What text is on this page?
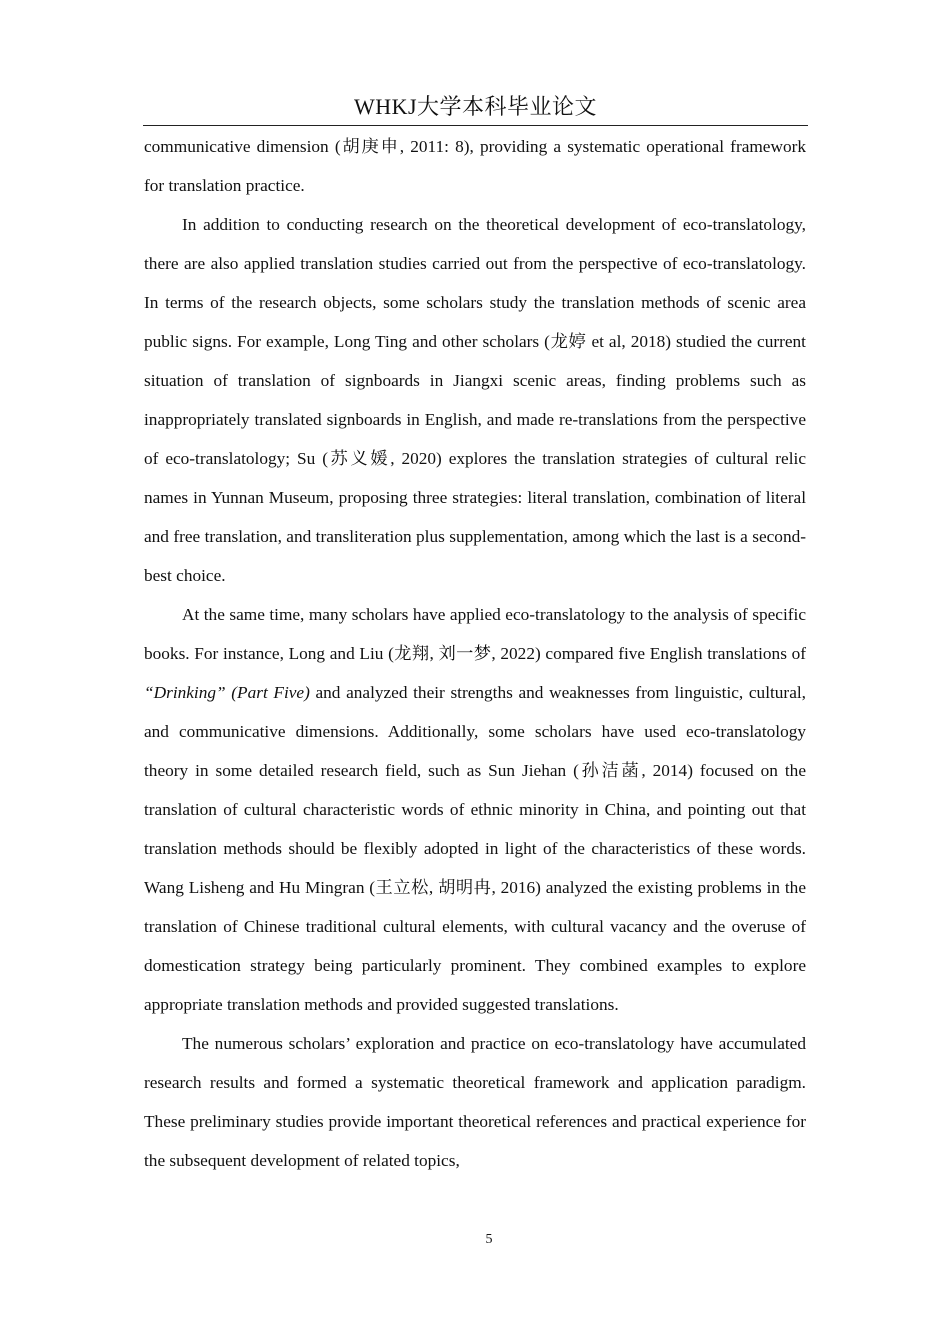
WHKJ大学本科毕业论文

communicative dimension (胡庚申, 2011: 8), providing a systematic operational framework for translation practice.

In addition to conducting research on the theoretical development of eco-translatology, there are also applied translation studies carried out from the perspective of eco-translatology. In terms of the research objects, some scholars study the translation methods of scenic area public signs. For example, Long Ting and other scholars (龙婷 et al, 2018) studied the current situation of translation of signboards in Jiangxi scenic areas, finding problems such as inappropriately translated signboards in English, and made re-translations from the perspective of eco-translatology; Su (苏义媛, 2020) explores the translation strategies of cultural relic names in Yunnan Museum, proposing three strategies: literal translation, combination of literal and free translation, and transliteration plus supplementation, among which the last is a second-best choice.

At the same time, many scholars have applied eco-translatology to the analysis of specific books. For instance, Long and Liu (龙翔, 刘一梦, 2022) compared five English translations of “Drinking” (Part Five) and analyzed their strengths and weaknesses from linguistic, cultural, and communicative dimensions. Additionally, some scholars have used eco-translatology theory in some detailed research field, such as Sun Jiehan (孙洁菡, 2014) focused on the translation of cultural characteristic words of ethnic minority in China, and pointing out that translation methods should be flexibly adopted in light of the characteristics of these words. Wang Lisheng and Hu Mingran (王立松, 胡明冉, 2016) analyzed the existing problems in the translation of Chinese traditional cultural elements, with cultural vacancy and the overuse of domestication strategy being particularly prominent. They combined examples to explore appropriate translation methods and provided suggested translations.

The numerous scholars’ exploration and practice on eco-translatology have accumulated research results and formed a systematic theoretical framework and application paradigm. These preliminary studies provide important theoretical references and practical experience for the subsequent development of related topics,

5
